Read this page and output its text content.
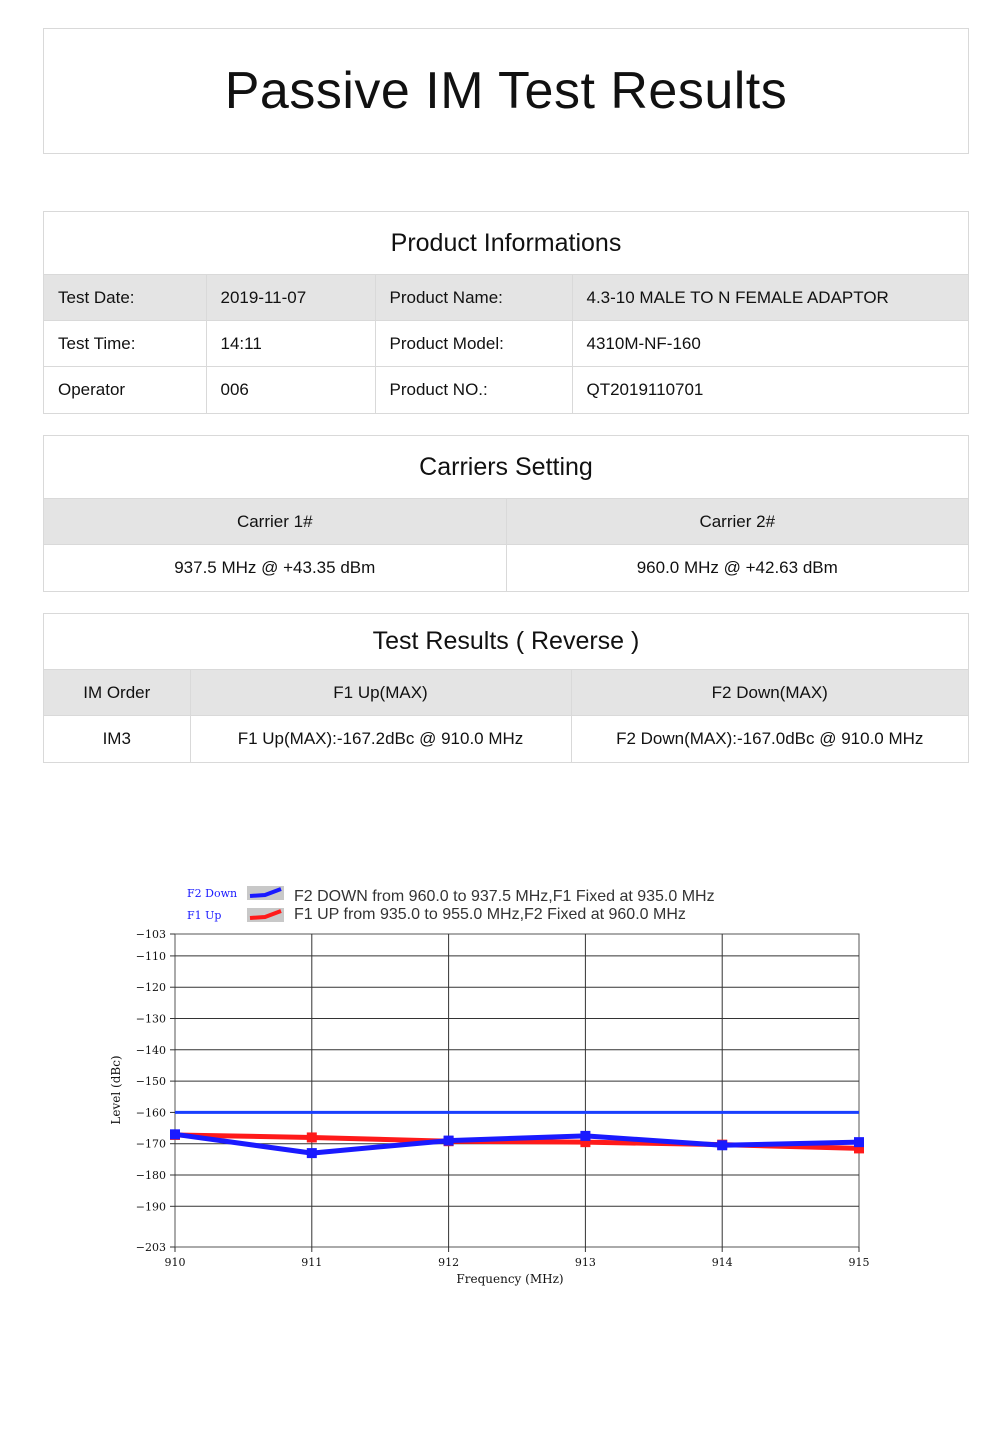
Passive IM Test Results
Product Informations
Test Date:	2019-11-07	Product Name:	4.3-10 MALE TO N FEMALE ADAPTOR
Test Time:	14:11	Product Model:	4310M-NF-160
Operator	006	Product NO.:	QT2019110701
Carriers Setting
Carrier 1#	Carrier 2#
937.5 MHz @ +43.35 dBm	960.0 MHz @ +42.63 dBm
Test Results ( Reverse )
IM Order	F1 Up(MAX)	F2 Down(MAX)
IM3	F1 Up(MAX):-167.2dBc @ 910.0 MHz	F2 Down(MAX):-167.0dBc @ 910.0 MHz
F2 Down	F2 DOWN from 960.0 to 937.5 MHz,F1 Fixed at 935.0 MHz
F1 Up	F1 UP from 935.0 to 955.0 MHz,F2 Fixed at 960.0 MHz
−103
−110
−120
−130
−140
−150
−160
−170
−180
−190
−203
910	911	912	913	914	915
Frequency (MHz)
Level (dBc)
